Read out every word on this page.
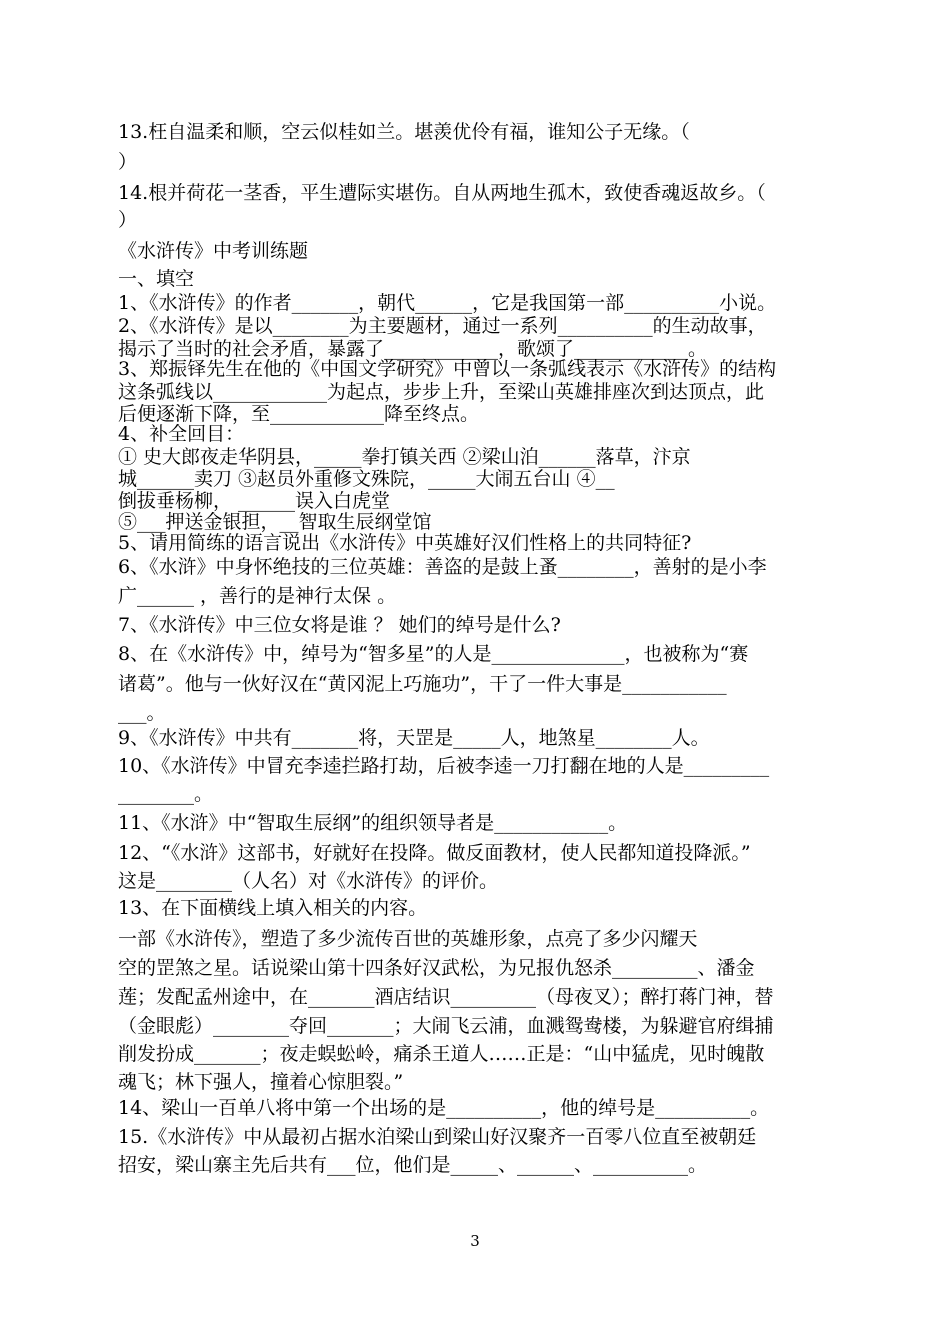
13.枉自温柔和顺，空云似桂如兰。堪羡优伶有福，谁知公子无缘。（
）
14.根并荷花一茎香，平生遭际实堪伤。自从两地生孤木，致使香魂返故乡。（
）
《水浒传》中考训练题
一、填空
1、《水浒传》的作者_______，朝代______，它是我国第一部__________小说。
2、《水浒传》是以________为主要题材，通过一系列__________的生动故事，
揭示了当时的社会矛盾，暴露了____________，歌颂了____________。
3、郑振铎先生在他的《中国文学研究》中曾以一条弧线表示《水浒传》的结构
这条弧线以____________为起点，步步上升，至梁山英雄排座次到达顶点，此
后便逐渐下降，至____________降至终点。
4、补全回目：
① 史大郎夜走华阴县，_____拳打镇关西 ②梁山泊______落草，汴京
城______卖刀 ③赵员外重修文殊院，_____大闹五台山 ④__
倒拔垂杨柳， ______误入白虎堂
⑤___押送金银担，__智取生辰纲堂馆
5、请用简练的语言说出《水浒传》中英雄好汉们性格上的共同特征?
6、《水浒》中身怀绝技的三位英雄：善盗的是鼓上蚤________，善射的是小李
广______ ，善行的是神行太保 。
7、《水浒传》中三位女将是谁 ？ 她们的绰号是什么?
8、在《水浒传》中，绰号为“智多星”的人是______________，也被称为“赛
诸葛”。他与一伙好汉在“黄冈泥上巧施功”，干了一件大事是___________
___。
9、《水浒传》中共有_______将，天罡是_____人，地煞星________人。
10、《水浒传》中冒充李逵拦路打劫，后被李逵一刀打翻在地的人是_________
________。
11、《水浒》中“智取生辰纲”的组织领导者是____________。
12、“《水浒》这部书，好就好在投降。做反面教材，使人民都知道投降派。”
这是________（人名）对《水浒传》的评价。
13、在下面横线上填入相关的内容。
一部《水浒传》，塑造了多少流传百世的英雄形象，点亮了多少闪耀天
空的罡煞之星。话说梁山第十四条好汉武松，为兄报仇怒杀_________、潘金
莲；发配孟州途中，在_______酒店结识_________（母夜叉）；醉打蒋门神，替
（金眼彪）________夺回_______；大闹飞云浦，血溅鸳鸯楼，为躲避官府缉捕
削发扮成_______；夜走蜈蚣岭，痛杀王道人……正是：“山中猛虎，见时魄散
魂飞；林下强人，撞着心惊胆裂。”
14、梁山一百单八将中第一个出场的是__________，他的绰号是__________。
15.《水浒传》中从最初占据水泊梁山到梁山好汉聚齐一百零八位直至被朝廷
招安，梁山寨主先后共有___位，他们是_____、______、__________。
3
